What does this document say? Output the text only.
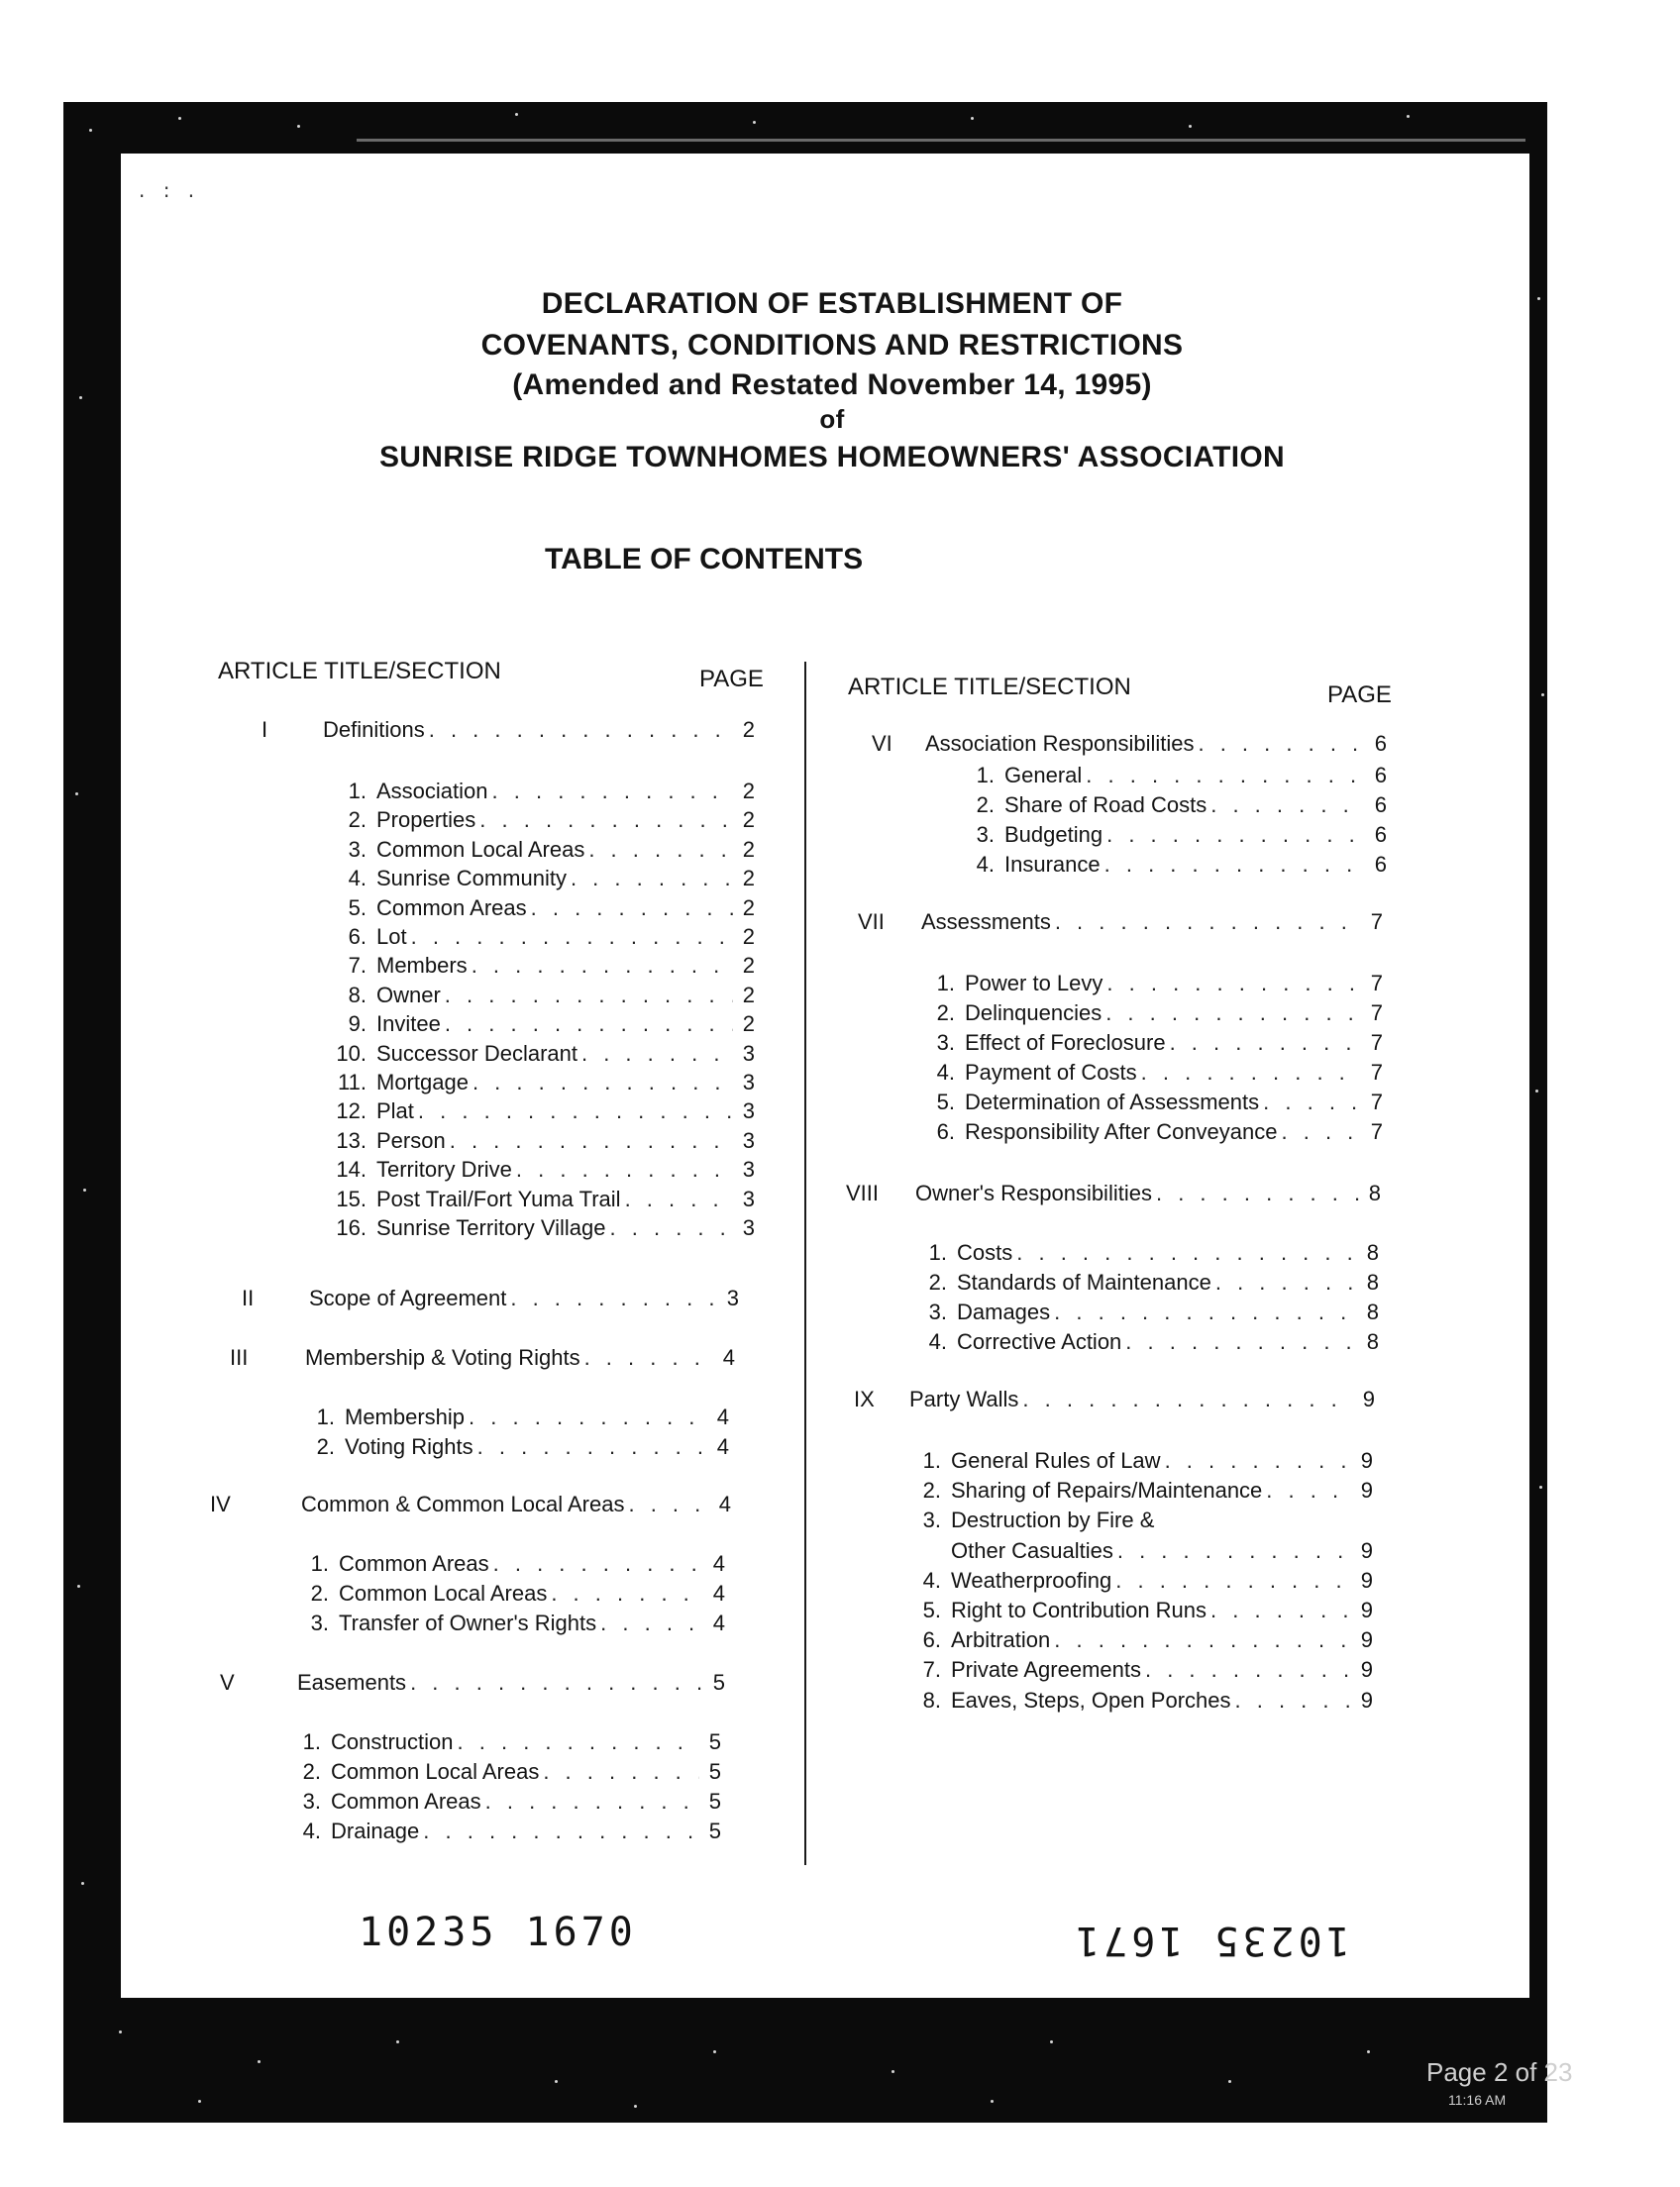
. : .
DECLARATION OF ESTABLISHMENT OF
COVENANTS, CONDITIONS AND RESTRICTIONS
(Amended and Restated November 14, 1995)
of
SUNRISE RIDGE TOWNHOMES HOMEOWNERS' ASSOCIATION
TABLE OF CONTENTS
ARTICLE TITLE/SECTION	PAGE	ARTICLE TITLE/SECTION	PAGE
I	Definitions . . .	2
1. Association . . .	2
2. Properties . . .	2
3. Common Local Areas . . .	2
4. Sunrise Community . . .	2
5. Common Areas . . .	2
6. Lot . . .	2
7. Members . . .	2
8. Owner . . .	2
9. Invitee . . .	2
10. Successor Declarant . . .	3
11. Mortgage . . .	3
12. Plat . . .	3
13. Person . . .	3
14. Territory Drive . . .	3
15. Post Trail/Fort Yuma Trail . . .	3
16. Sunrise Territory Village . . .	3
II	Scope of Agreement . . .	3
III	Membership & Voting Rights . . .	4
1. Membership . . .	4
2. Voting Rights . . .	4
IV	Common & Common Local Areas . . .	4
1. Common Areas . . .	4
2. Common Local Areas . . .	4
3. Transfer of Owner's Rights . . .	4
V	Easements . . .	5
1. Construction . . .	5
2. Common Local Areas . . .	5
3. Common Areas . . .	5
4. Drainage . . .	5
VI Association Responsibilities . . .	6
1. General . . .	6
2. Share of Road Costs . . .	6
3. Budgeting . . .	6
4. Insurance . . .	6
VII Assessments . . .	7
1. Power to Levy . . .	7
2. Delinquencies . . .	7
3. Effect of Foreclosure . . .	7
4. Payment of Costs . . .	7
5. Determination of Assessments . . .	7
6. Responsibility After Conveyance . . .	7
VIII Owner's Responsibilities . . .	8
1. Costs . . .	8
2. Standards of Maintenance . . .	8
3. Damages . . .	8
4. Corrective Action . . .	8
IX Party Walls . . .	9
1. General Rules of Law . . .	9
2. Sharing of Repairs/Maintenance . . .	9
3. Destruction by Fire &
Other Casualties . . .	9
4. Weatherproofing . . .	9
5. Right to Contribution Runs . . .	9
6. Arbitration . . .	9
7. Private Agreements . . .	9
8. Eaves, Steps, Open Porches . . .	9
10235 1670	10235 1671
Page 2 of 23
11:16 AM
